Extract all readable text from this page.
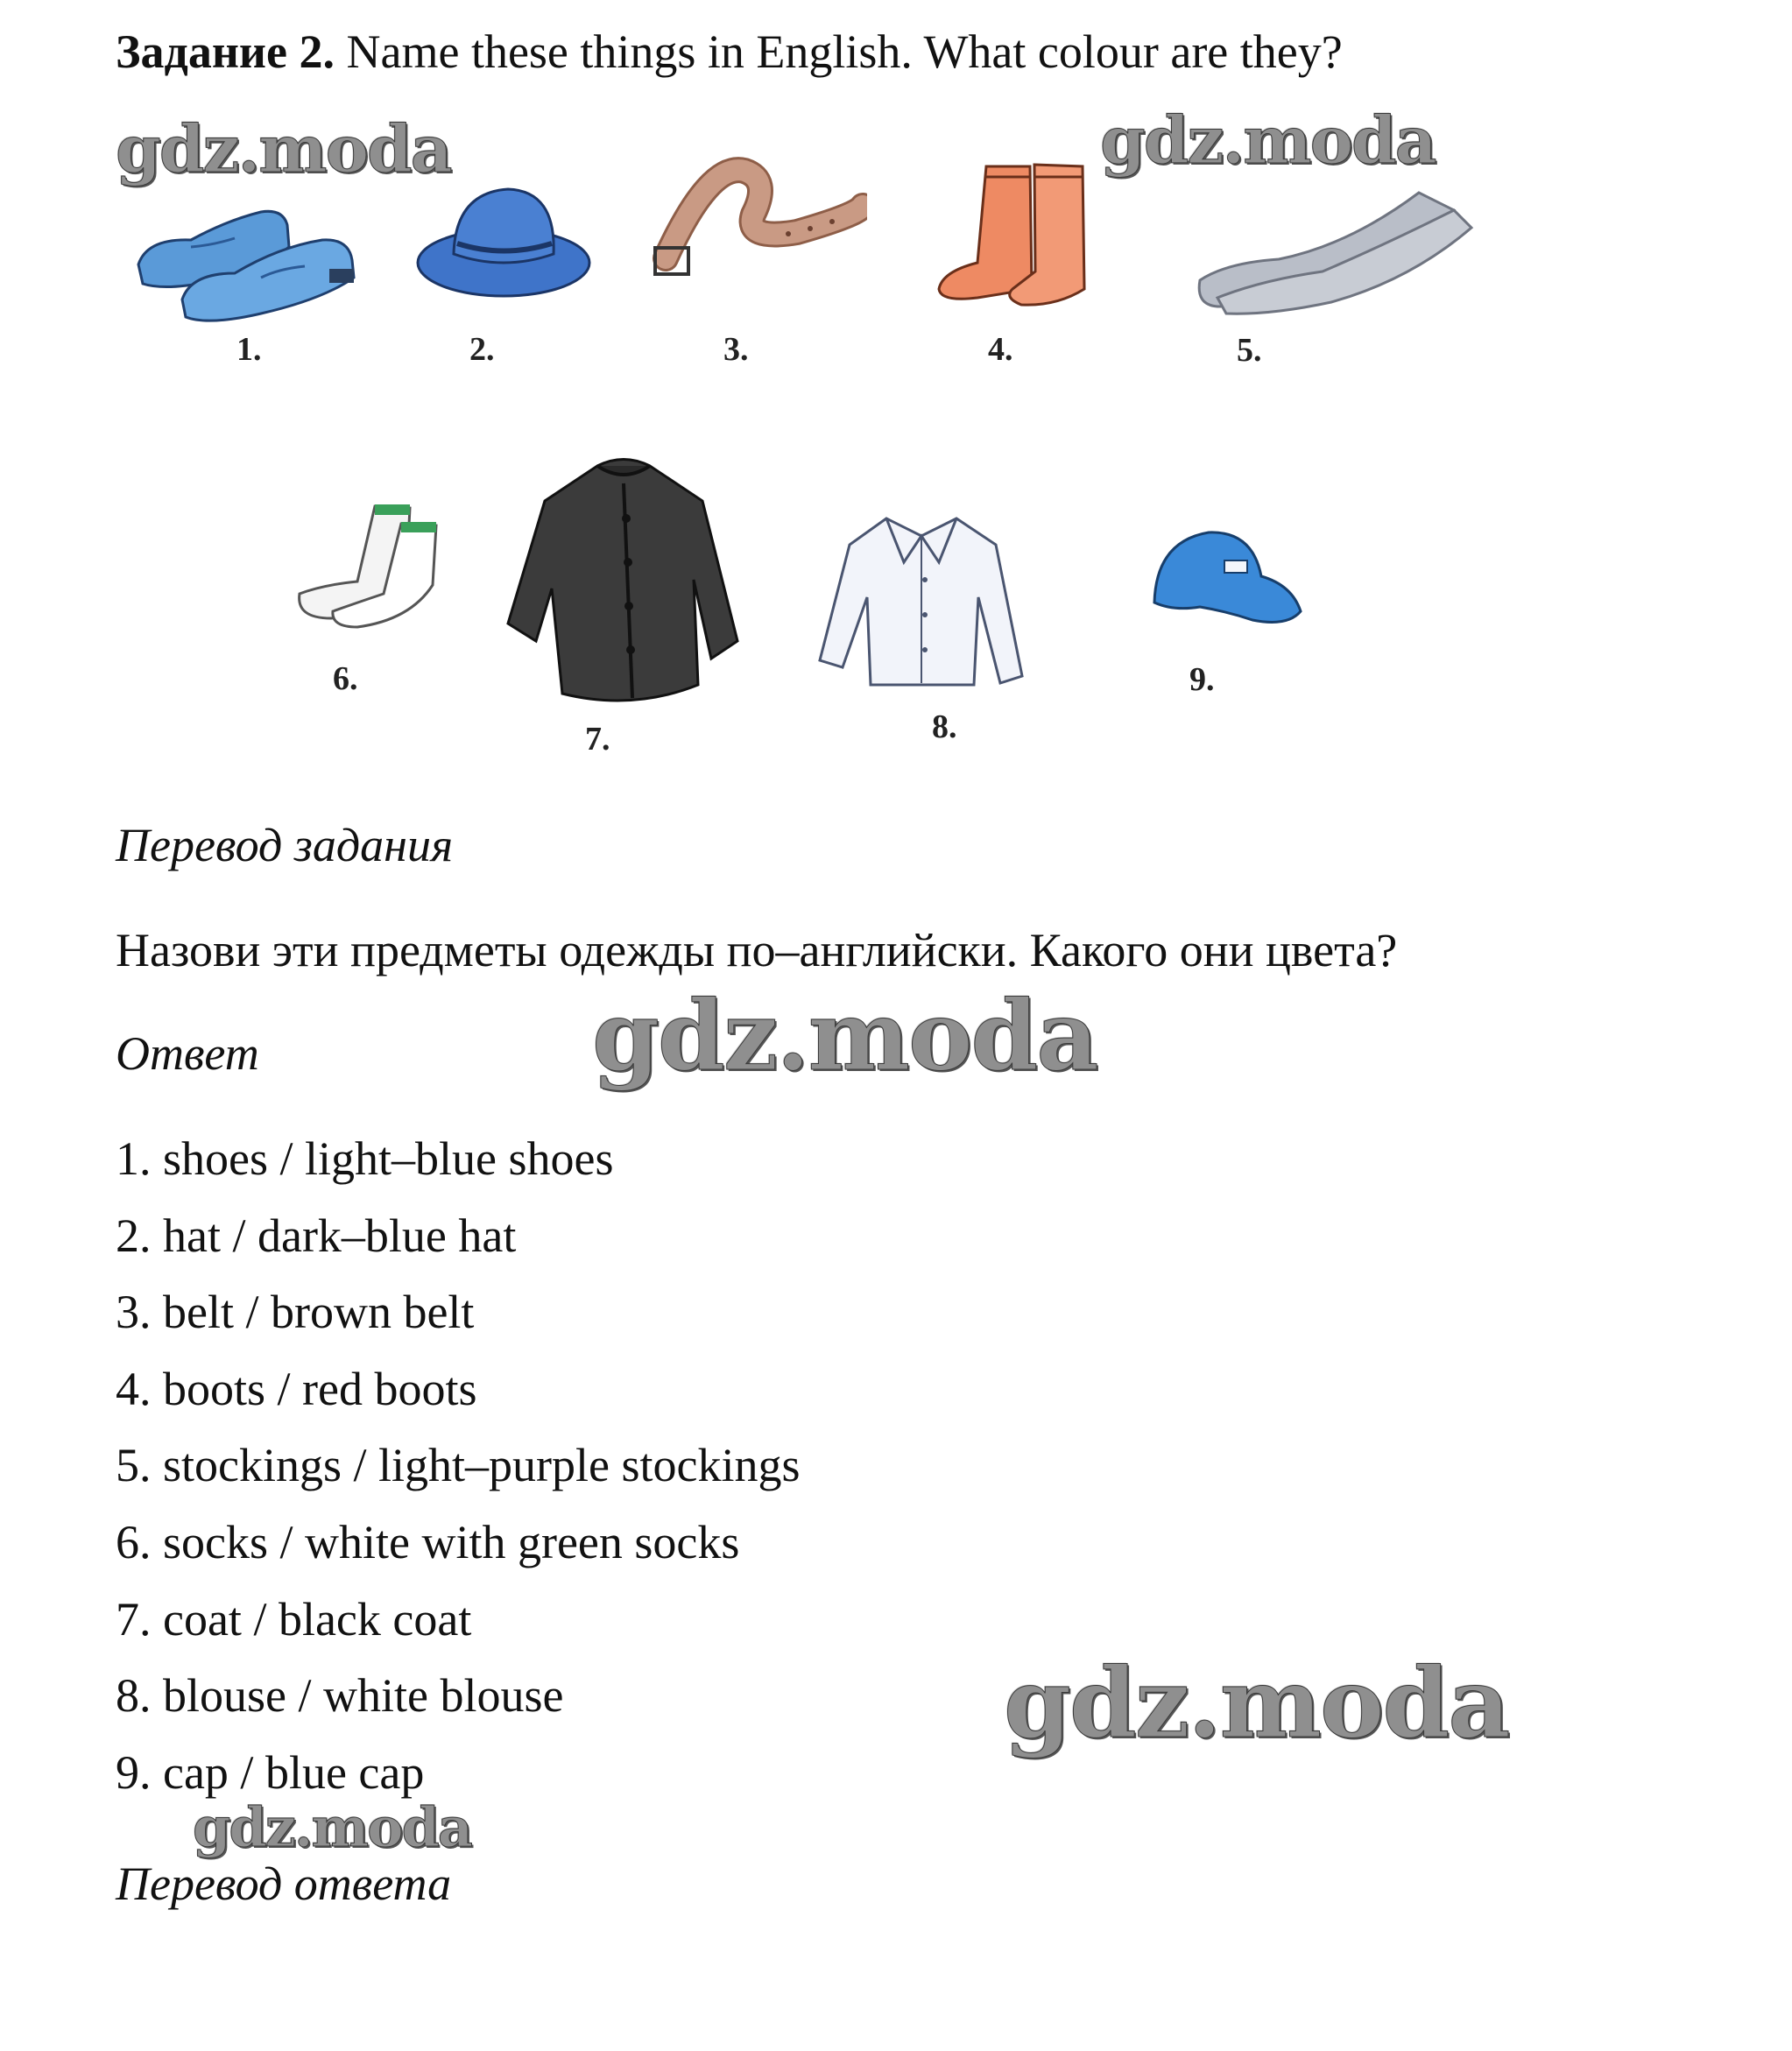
Задание 2. Name these things in English. What colour are they?
gdz.moda	gdz.moda
gdz.moda
gdz.moda
gdz.moda
1.	2.	3.	4.	5.
6.
7.	8.
9.
Перевод задания
Назови эти предметы одежды по–английски. Какого они цвета?
Ответ
1. shoes / light–blue shoes
2. hat / dark–blue hat
3. belt / brown belt
4. boots / red boots
5. stockings / light–purple stockings
6. socks / white with green socks
7. coat / black coat
8. blouse / white blouse
9. cap / blue cap
Перевод ответа
